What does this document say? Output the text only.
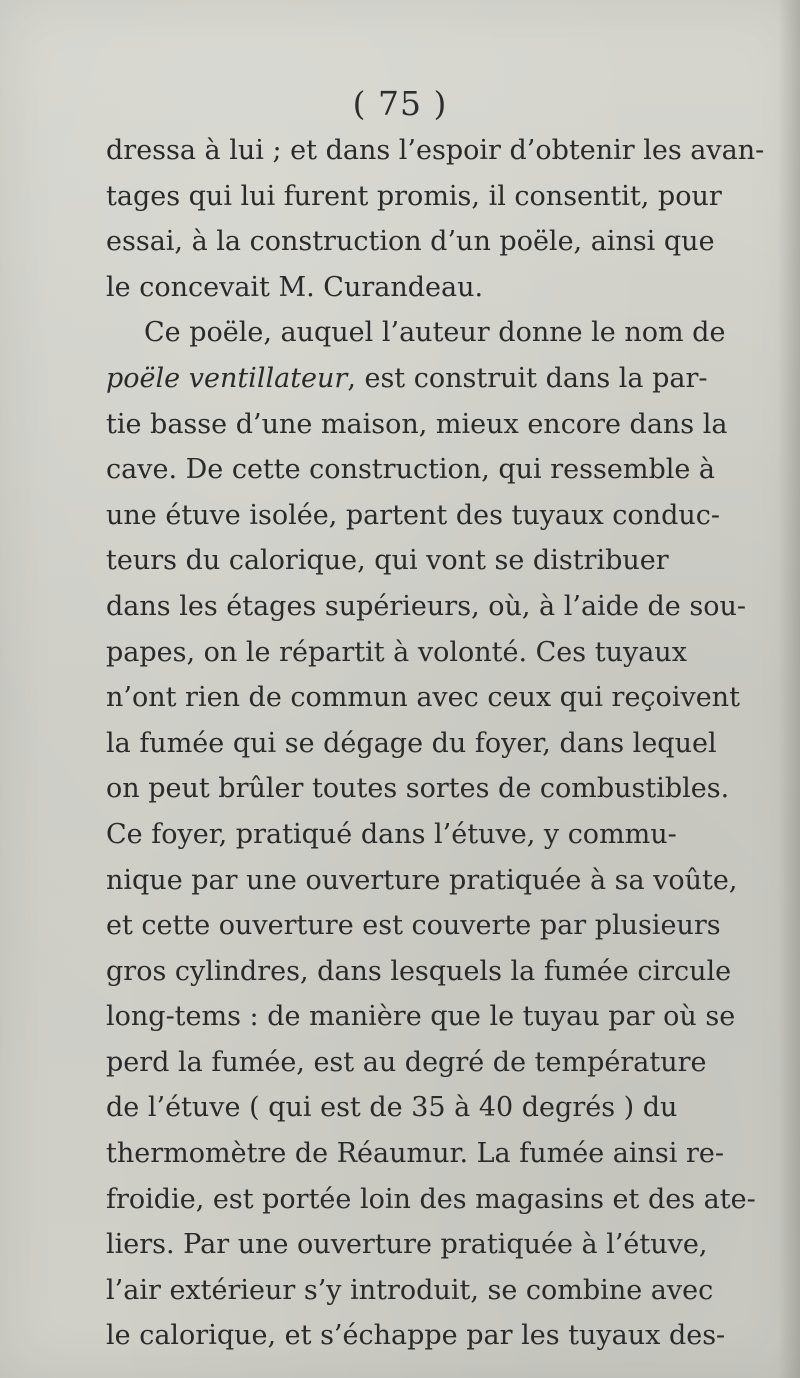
( 75 )
dressa à lui ; et dans l’espoir d’obtenir les avan-
tages qui lui furent promis, il consentit, pour
essai, à la construction d’un poële, ainsi que
le concevait M. Curandeau.
Ce poële, auquel l’auteur donne le nom de
poële ventillateur, est construit dans la par-
tie basse d’une maison, mieux encore dans la
cave. De cette construction, qui ressemble à
une étuve isolée, partent des tuyaux conduc-
teurs du calorique, qui vont se distribuer
dans les étages supérieurs, où, à l’aide de sou-
papes, on le répartit à volonté. Ces tuyaux
n’ont rien de commun avec ceux qui reçoivent
la fumée qui se dégage du foyer, dans lequel
on peut brûler toutes sortes de combustibles.
Ce foyer, pratiqué dans l’étuve, y commu-
nique par une ouverture pratiquée à sa voûte,
et cette ouverture est couverte par plusieurs
gros cylindres, dans lesquels la fumée circule
long-tems : de manière que le tuyau par où se
perd la fumée, est au degré de température
de l’étuve ( qui est de 35 à 40 degrés ) du
thermomètre de Réaumur. La fumée ainsi re-
froidie, est portée loin des magasins et des ate-
liers. Par une ouverture pratiquée à l’étuve,
l’air extérieur s’y introduit, se combine avec
le calorique, et s’échappe par les tuyaux des-
